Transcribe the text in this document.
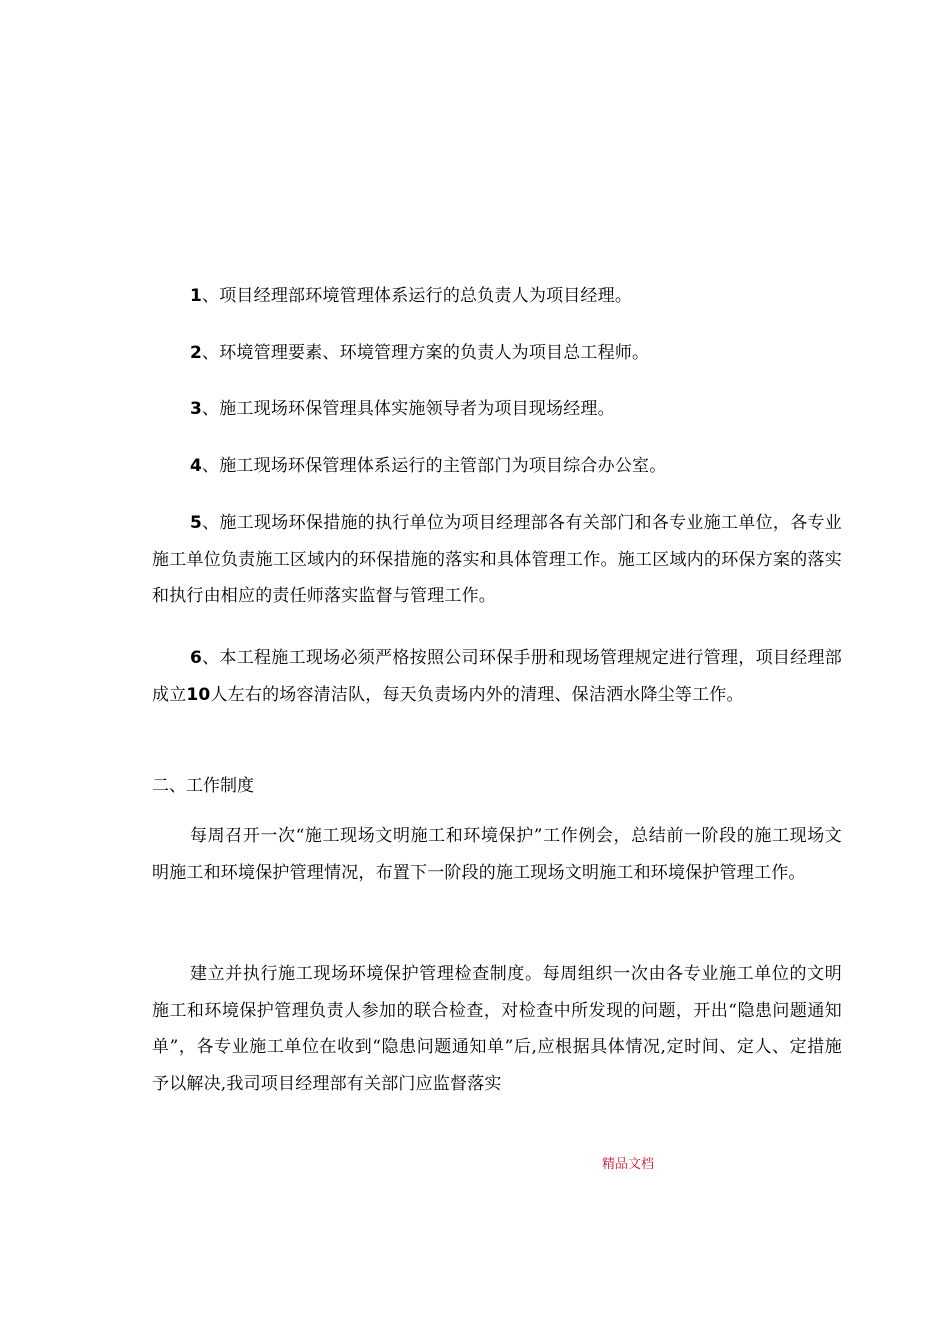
1、项目经理部环境管理体系运行的总负责人为项目经理。

2、环境管理要素、环境管理方案的负责人为项目总工程师。

3、施工现场环保管理具体实施领导者为项目现场经理。

4、施工现场环保管理体系运行的主管部门为项目综合办公室。

5、施工现场环保措施的执行单位为项目经理部各有关部门和各专业施工单位，各专业施工单位负责施工区域内的环保措施的落实和具体管理工作。施工区域内的环保方案的落实和执行由相应的责任师落实监督与管理工作。

6、本工程施工现场必须严格按照公司环保手册和现场管理规定进行管理，项目经理部成立10人左右的场容清洁队，每天负责场内外的清理、保洁洒水降尘等工作。

二、工作制度

每周召开一次“施工现场文明施工和环境保护”工作例会，总结前一阶段的施工现场文明施工和环境保护管理情况，布置下一阶段的施工现场文明施工和环境保护管理工作。

建立并执行施工现场环境保护管理检查制度。每周组织一次由各专业施工单位的文明施工和环境保护管理负责人参加的联合检查，对检查中所发现的问题，开出“隐患问题通知单”，各专业施工单位在收到“隐患问题通知单”后,应根据具体情况,定时间、定人、定措施予以解决,我司项目经理部有关部门应监督落实

精品文档
